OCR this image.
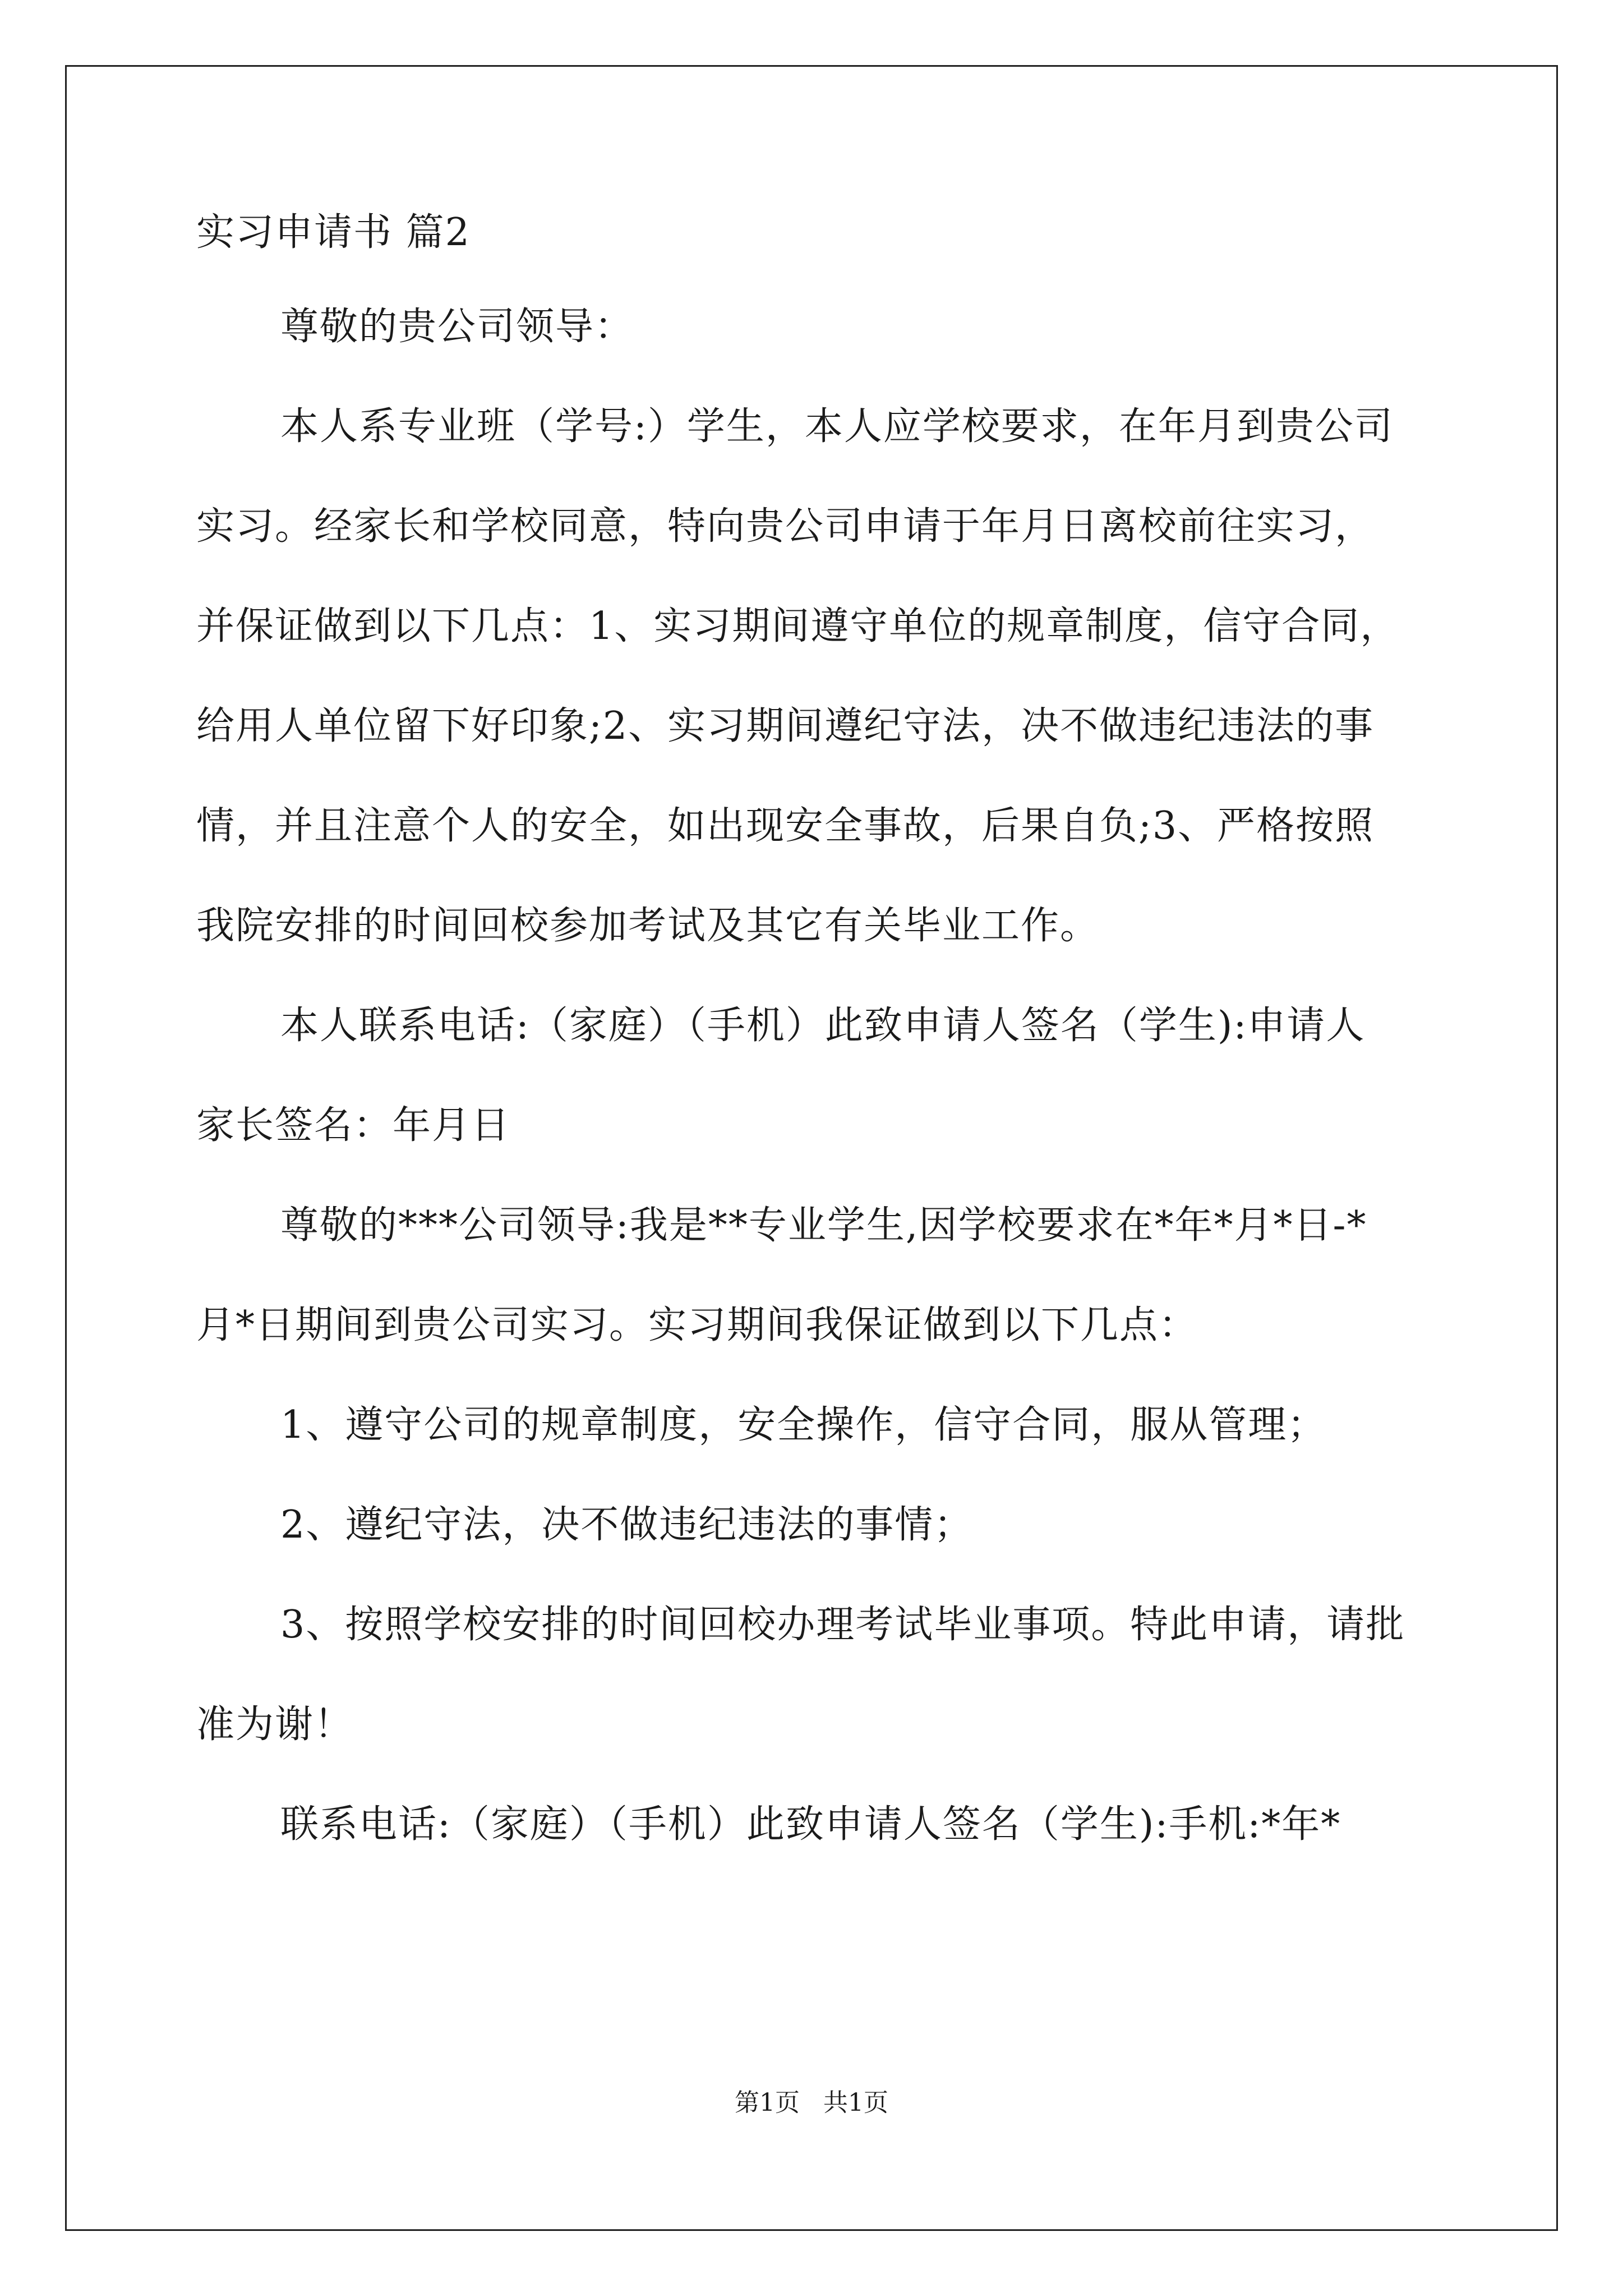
实习申请书 篇2
尊敬的贵公司领导：
本人系专业班（学号:）学生，本人应学校要求，在年月到贵公司
实习。经家长和学校同意，特向贵公司申请于年月日离校前往实习，
并保证做到以下几点：1、实习期间遵守单位的规章制度，信守合同，
给用人单位留下好印象;2、实习期间遵纪守法，决不做违纪违法的事
情，并且注意个人的安全，如出现安全事故，后果自负;3、严格按照
我院安排的时间回校参加考试及其它有关毕业工作。
本人联系电话:（家庭）（手机）此致申请人签名（学生):申请人
家长签名：年月日
尊敬的***公司领导:我是**专业学生,因学校要求在*年*月*日-*
月*日期间到贵公司实习。实习期间我保证做到以下几点：
1、遵守公司的规章制度，安全操作，信守合同，服从管理；
2、遵纪守法，决不做违纪违法的事情；
3、按照学校安排的时间回校办理考试毕业事项。特此申请，请批
准为谢！
联系电话:（家庭）（手机）此致申请人签名（学生):手机:*年*
第1页   共1页
